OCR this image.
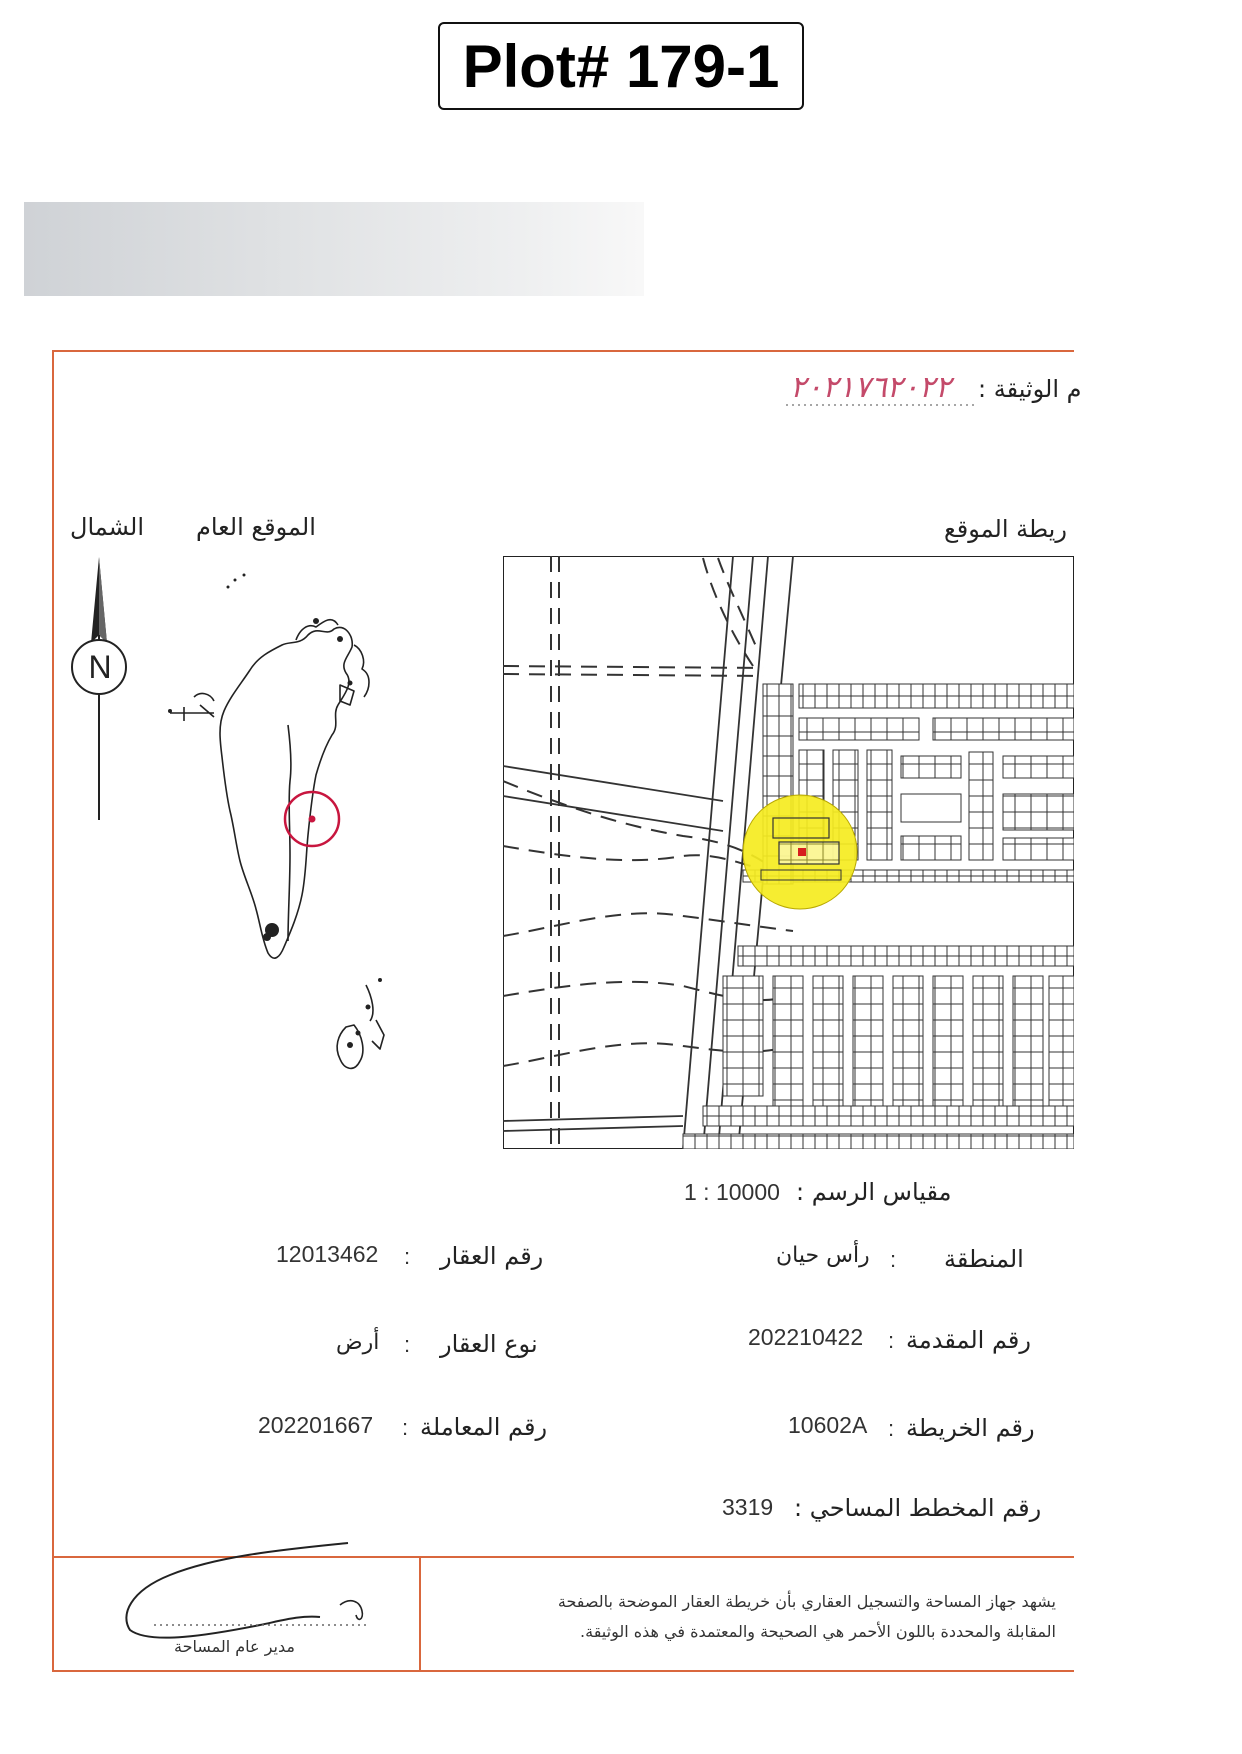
Plot# 179-1
م الوثيقة :
٢٠٢١٧٦٢٠٢٢
ريطة الموقع
الموقع العام
الشمال
N
مقياس الرسم :
1 : 10000
رقم العقار
:
12013462
نوع العقار
:
أرض
رقم المعاملة
:
202201667
المنطقة
:
رأس حيان
رقم المقدمة
:
202210422
رقم الخريطة
:
10602A
رقم المخطط المساحي :
3319
يشهد جهاز المساحة والتسجيل العقاري بأن خريطة العقار الموضحة بالصفحة
المقابلة والمحددة باللون الأحمر هي الصحيحة والمعتمدة في هذه الوثيقة.
مدير عام المساحة
